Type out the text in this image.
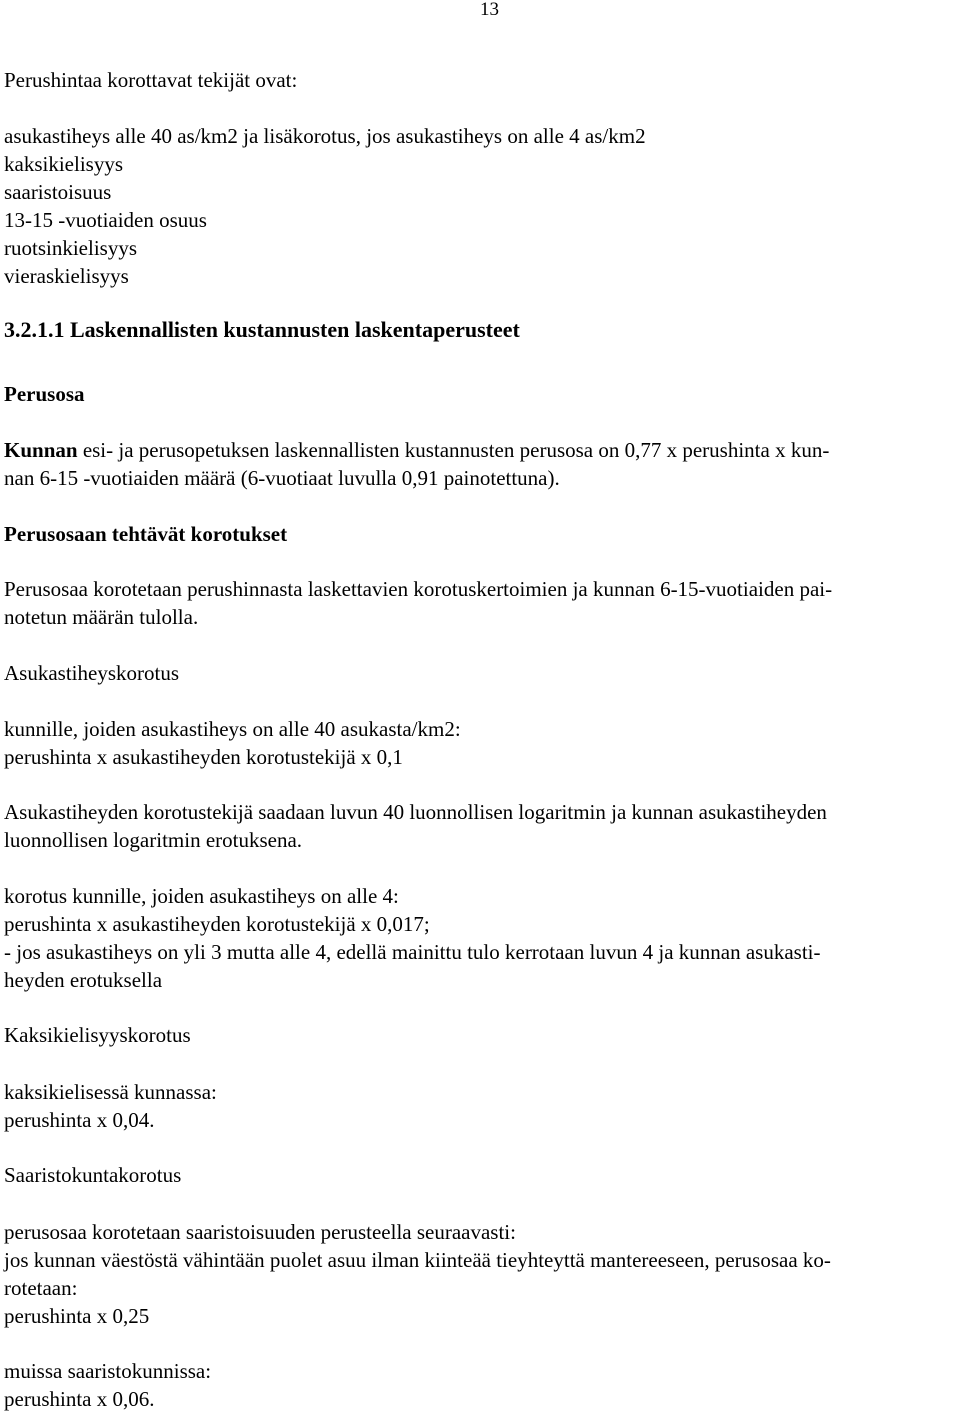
13

Perushintaa korottavat tekijät ovat:

asukastiheys alle 40 as/km2 ja lisäkorotus, jos asukastiheys on alle 4 as/km2

kaksikielisyys

saaristoisuus

13-15 -vuotiaiden osuus

ruotsinkielisyys

vieraskielisyys

3.2.1.1 Laskennallisten kustannusten laskentaperusteet

Perusosa

Kunnan esi- ja perusopetuksen laskennallisten kustannusten perusosa on 0,77 x perushinta x kun-

nan 6-15 -vuotiaiden määrä (6-vuotiaat luvulla 0,91 painotettuna).

Perusosaan tehtävät korotukset

Perusosaa korotetaan perushinnasta laskettavien korotuskertoimien ja kunnan 6-15-vuotiaiden pai-

notetun määrän tulolla.

Asukastiheyskorotus

kunnille, joiden asukastiheys on alle 40 asukasta/km2:

perushinta x asukastiheyden korotustekijä x 0,1

Asukastiheyden korotustekijä saadaan luvun 40 luonnollisen logaritmin ja kunnan asukastiheyden

luonnollisen logaritmin erotuksena.

korotus kunnille, joiden asukastiheys on alle 4:

perushinta x asukastiheyden korotustekijä x 0,017;

- jos asukastiheys on yli 3 mutta alle 4, edellä mainittu tulo kerrotaan luvun 4 ja kunnan asukasti-

heyden erotuksella

Kaksikielisyyskorotus

kaksikielisessä kunnassa:

perushinta x 0,04.

Saaristokuntakorotus

perusosaa korotetaan saaristoisuuden perusteella seuraavasti:

jos kunnan väestöstä vähintään puolet asuu ilman kiinteää tieyhteyttä mantereeseen, perusosaa ko-

rotetaan:

perushinta x 0,25

muissa saaristokunnissa:

perushinta x 0,06.
